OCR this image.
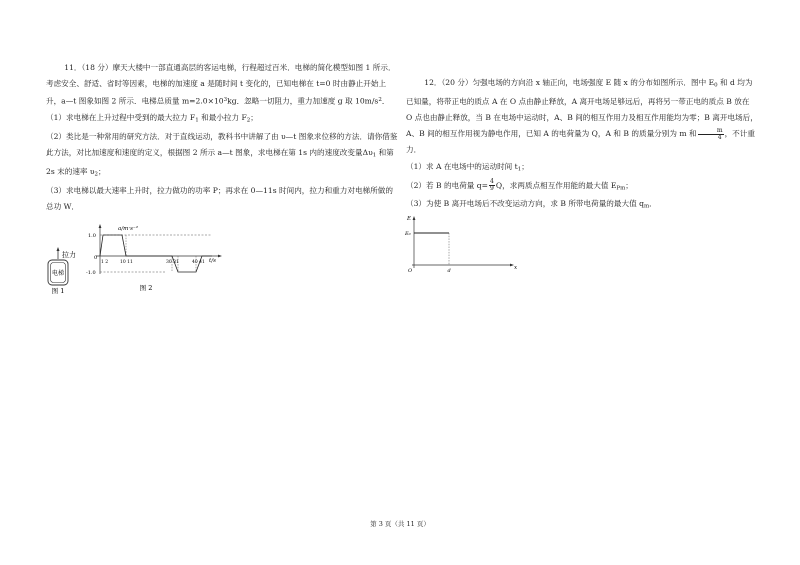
11．（18 分）摩天大楼中一部直通高层的客运电梯，行程超过百米．电梯的简化模型如图 1 所示．考虑安全、舒适、省时等因素，电梯的加速度 a 是随时间 t 变化的，已知电梯在 t=0 时由静止开始上升，a—t 图象如图 2 所示．电梯总质量 $m=2.0\times 10^3kg$．忽略一切阻力，重力加速度 g 取 $10m/s^2$．

（1）求电梯在上升过程中受到的最大拉力 $F_1$ 和最小拉力 $F_2$；

（2）类比是一种常用的研究方法．对于直线运动，教科书中讲解了由 υ—t 图象求位移的方法．请你借鉴此方法，对比加速度和速度的定义，根据图 2 所示 a—t 图象，求电梯在第 1s 内的速度改变量$\Delta\upsilon_1$ 和第 2s 末的速率 $\upsilon_2$；

（3）求电梯以最大速率上升时，拉力做功的功率 P；再求在 0—11s 时间内，拉力和重力对电梯所做的总功 W．

拉力
电梯
图 1
a/m·s⁻²
t/s
1.0
0
-1.0
1 2	10 11	30 31	40 41
图 2

12．（20 分）匀强电场的方向沿 x 轴正向，电场强度 E 随 x 的分布如图所示．图中 $E_0$ 和 d 均为已知量，将带正电的质点 A 在 O 点由静止释放，A 离开电场足够远后，再将另一带正电的质点 B 放在 O 点也由静止释放，当 B 在电场中运动时，A、B 间的相互作用力及相互作用能均为零；B 离开电场后，A、B 间的相互作用视为静电作用，已知 A 的电荷量为 Q，A 和 B 的质量分别为 m 和 $\frac{m}{4}$ ，不计重力．

（1）求 A 在电场中的运动时间 $t_1$；

（2）若 B 的电荷量 $q= \frac{4}{9}$ Q，求两质点相互作用能的最大值 $E_{Pm}$；

（3）为使 B 离开电场后不改变运动方向，求 B 所带电荷量的最大值 $q_m$．

E
x
E₀
O	d
第 3 页（共 11 页）
